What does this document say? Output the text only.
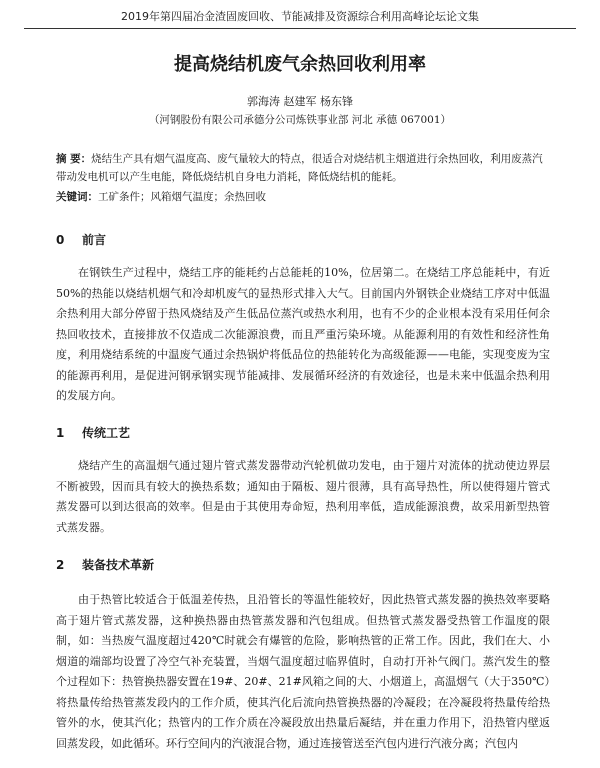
2019年第四届冶金渣固废回收、节能减排及资源综合利用高峰论坛论文集
提高烧结机废气余热回收利用率
郭海涛 赵建军 杨东锋
（河钢股份有限公司承德分公司炼铁事业部 河北 承德 067001）
摘 要：烧结生产具有烟气温度高、废气量较大的特点，很适合对烧结机主烟道进行余热回收，利用废蒸汽带动发电机可以产生电能，降低烧结机自身电力消耗，降低烧结机的能耗。
关键词：工矿条件；风箱烟气温度；余热回收
0 前言
在钢铁生产过程中，烧结工序的能耗约占总能耗的10%，位居第二。在烧结工序总能耗中，有近50%的热能以烧结机烟气和冷却机废气的显热形式排入大气。目前国内外钢铁企业烧结工序对中低温余热利用大部分停留于热风烧结及产生低品位蒸汽或热水利用，也有不少的企业根本没有采用任何余热回收技术，直接排放不仅造成二次能源浪费，而且严重污染环境。从能源利用的有效性和经济性角度，利用烧结系统的中温废气通过余热锅炉将低品位的热能转化为高级能源——电能，实现变废为宝的能源再利用，是促进河钢承钢实现节能减排、发展循环经济的有效途径，也是未来中低温余热利用的发展方向。
1 传统工艺
烧结产生的高温烟气通过翅片管式蒸发器带动汽轮机做功发电，由于翅片对流体的扰动使边界层不断被毁，因而具有较大的换热系数；通知由于隔板、翅片很薄，具有高导热性，所以使得翅片管式蒸发器可以到达很高的效率。但是由于其使用寿命短，热利用率低，造成能源浪费，故采用新型热管式蒸发器。
2 装备技术革新
由于热管比较适合于低温差传热，且沿管长的等温性能较好，因此热管式蒸发器的换热效率要略高于翅片管式蒸发器，这种换热器由热管蒸发器和汽包组成。但热管式蒸发器受热管工作温度的限制，如：当热废气温度超过420℃时就会有爆管的危险，影响热管的正常工作。因此，我们在大、小烟道的端部均设置了冷空气补充装置，当烟气温度超过临界值时，自动打开补气阀门。蒸汽发生的整个过程如下：热管换热器安置在19#、20#、21#风箱之间的大、小烟道上，高温烟气（大于350℃）将热量传给热管蒸发段内的工作介质，使其汽化后流向热管换热器的冷凝段；在冷凝段将热量传给热管外的水，使其汽化；热管内的工作介质在冷凝段放出热量后凝结，并在重力作用下，沿热管内壁返回蒸发段，如此循环。环行空间内的汽液混合物，通过连接管送至汽包内进行汽液分离；汽包内
